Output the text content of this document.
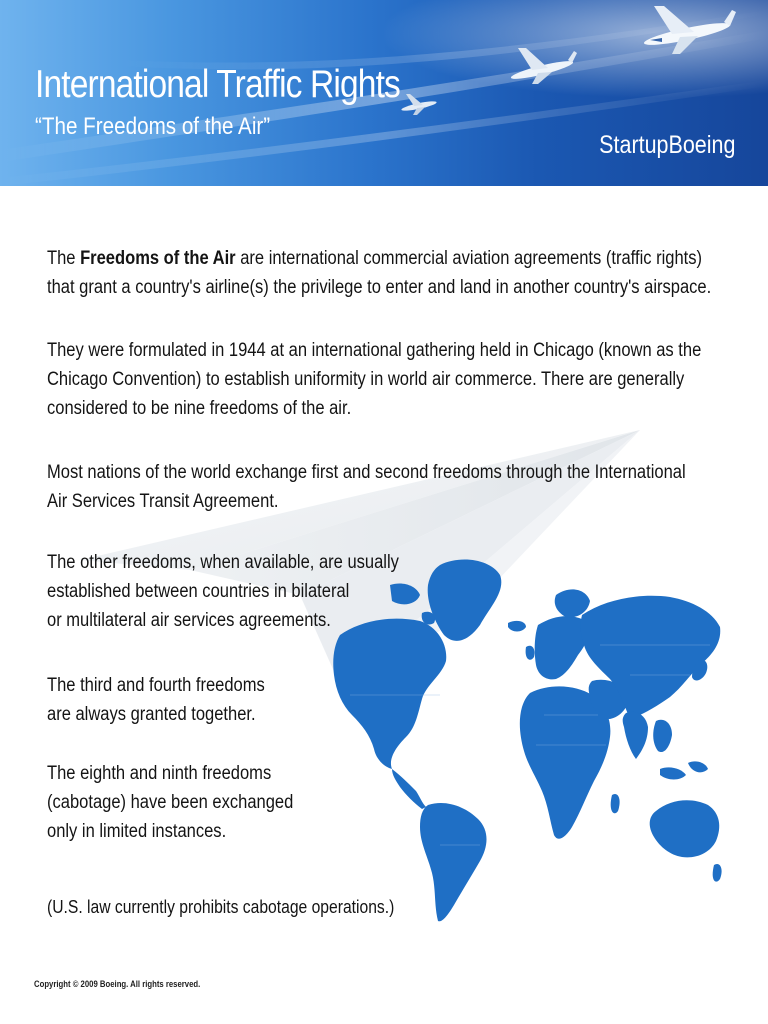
International Traffic Rights
“The Freedoms of the Air”
StartupBoeing

The Freedoms of the Air are international commercial aviation agreements (traffic rights)
that grant a country's airline(s) the privilege to enter and land in another country's airspace.

They were formulated in 1944 at an international gathering held in Chicago (known as the
Chicago Convention) to establish uniformity in world air commerce. There are generally
considered to be nine freedoms of the air.

Most nations of the world exchange first and second freedoms through the International
Air Services Transit Agreement.

The other freedoms, when available, are usually
established between countries in bilateral
or multilateral air services agreements.

The third and fourth freedoms
are always granted together.

The eighth and ninth freedoms
(cabotage) have been exchanged
only in limited instances.

(U.S. law currently prohibits cabotage operations.)

Copyright © 2009 Boeing. All rights reserved.
